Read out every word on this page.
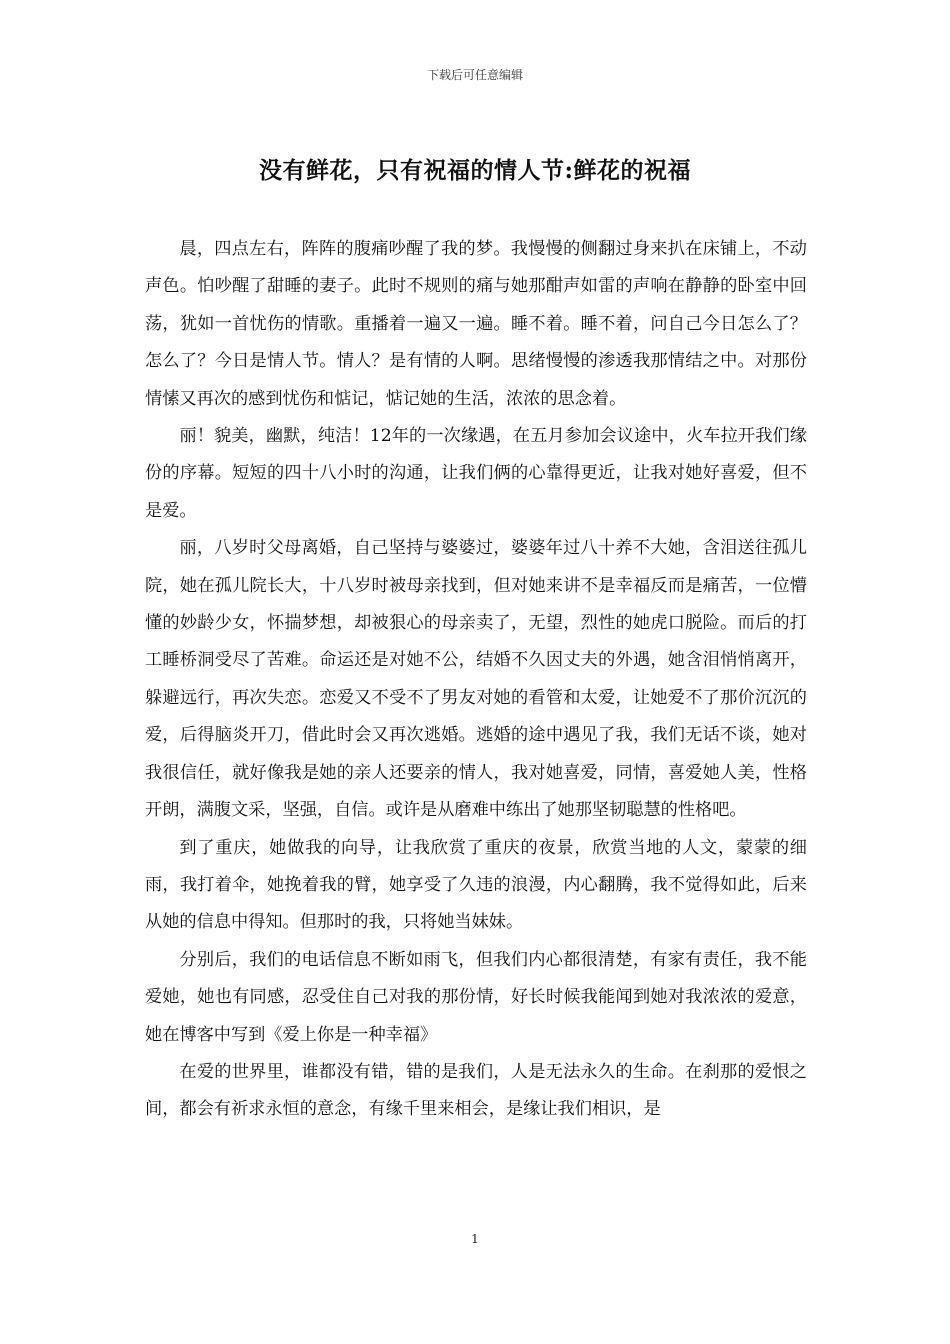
下载后可任意编辑
没有鲜花，只有祝福的情人节:鲜花的祝福

晨，四点左右，阵阵的腹痛吵醒了我的梦。我慢慢的侧翻过身来扒在床铺上，不动声色。怕吵醒了甜睡的妻子。此时不规则的痛与她那酣声如雷的声响在静静的卧室中回荡，犹如一首忧伤的情歌。重播着一遍又一遍。睡不着。睡不着，问自己今日怎么了？怎么了？今日是情人节。情人？是有情的人啊。思绪慢慢的渗透我那情结之中。对那份情愫又再次的感到忧伤和惦记，惦记她的生活，浓浓的思念着。

丽！貌美，幽默，纯洁！12年的一次缘遇，在五月参加会议途中，火车拉开我们缘份的序幕。短短的四十八小时的沟通，让我们俩的心靠得更近，让我对她好喜爱，但不是爱。

丽，八岁时父母离婚，自己坚持与婆婆过，婆婆年过八十养不大她，含泪送往孤儿院，她在孤儿院长大，十八岁时被母亲找到，但对她来讲不是幸福反而是痛苦，一位懵懂的妙龄少女，怀揣梦想，却被狠心的母亲卖了，无望，烈性的她虎口脱险。而后的打工睡桥洞受尽了苦难。命运还是对她不公，结婚不久因丈夫的外遇，她含泪悄悄离开，躲避远行，再次失恋。恋爱又不受不了男友对她的看管和太爱，让她爱不了那价沉沉的爱，后得脑炎开刀，借此时会又再次逃婚。逃婚的途中遇见了我，我们无话不谈，她对我很信任，就好像我是她的亲人还要亲的情人，我对她喜爱，同情，喜爱她人美，性格开朗，满腹文采，坚强，自信。或许是从磨难中练出了她那坚韧聪慧的性格吧。

到了重庆，她做我的向导，让我欣赏了重庆的夜景，欣赏当地的人文，蒙蒙的细雨，我打着伞，她挽着我的臂，她享受了久违的浪漫，内心翻腾，我不觉得如此，后来从她的信息中得知。但那时的我，只将她当妹妹。

分别后，我们的电话信息不断如雨飞，但我们内心都很清楚，有家有责任，我不能爱她，她也有同感，忍受住自己对我的那份情，好长时候我能闻到她对我浓浓的爱意，她在博客中写到《爱上你是一种幸福》

在爱的世界里，谁都没有错，错的是我们，人是无法永久的生命。在刹那的爱恨之间，都会有祈求永恒的意念，有缘千里来相会，是缘让我们相识，是

1
